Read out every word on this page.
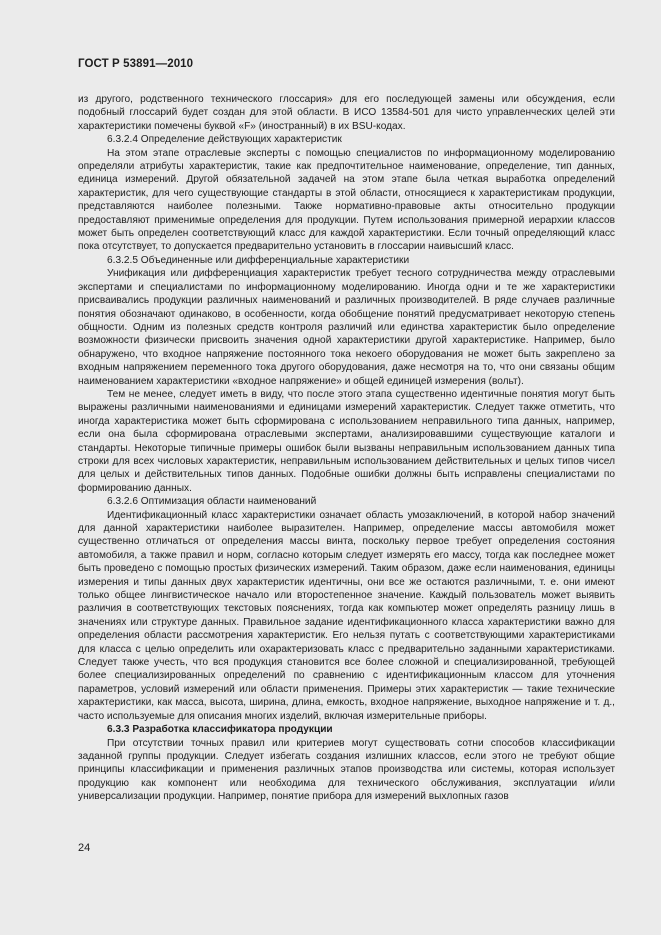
ГОСТ Р 53891—2010

из другого, родственного технического глоссария» для его последующей замены или обсуждения, если подобный глоссарий будет создан для этой области. В ИСО 13584-501 для чисто управленческих целей эти характеристики помечены буквой «F» (иностранный) в их BSU-кодах.

6.3.2.4 Определение действующих характеристик

На этом этапе отраслевые эксперты с помощью специалистов по информационному моделированию определяли атрибуты характеристик, такие как предпочтительное наименование, определение, тип данных, единица измерений. Другой обязательной задачей на этом этапе была четкая выработка определений характеристик, для чего существующие стандарты в этой области, относящиеся к характеристикам продукции, представляются наиболее полезными. Также нормативно-правовые акты относительно продукции предоставляют применимые определения для продукции. Путем использования примерной иерархии классов может быть определен соответствующий класс для каждой характеристики. Если точный определяющий класс пока отсутствует, то допускается предварительно установить в глоссарии наивысший класс.

6.3.2.5 Объединенные или дифференциальные характеристики

Унификация или дифференциация характеристик требует тесного сотрудничества между отраслевыми экспертами и специалистами по информационному моделированию. Иногда одни и те же характеристики присваивались продукции различных наименований и различных производителей. В ряде случаев различные понятия обозначают одинаково, в особенности, когда обобщение понятий предусматривает некоторую степень общности. Одним из полезных средств контроля различий или единства характеристик было определение возможности физически присвоить значения одной характеристики другой характеристике. Например, было обнаружено, что входное напряжение постоянного тока некоего оборудования не может быть закреплено за входным напряжением переменного тока другого оборудования, даже несмотря на то, что они связаны общим наименованием характеристики «входное напряжение» и общей единицей измерения (вольт).

Тем не менее, следует иметь в виду, что после этого этапа существенно идентичные понятия могут быть выражены различными наименованиями и единицами измерений характеристик. Следует также отметить, что иногда характеристика может быть сформирована с использованием неправильного типа данных, например, если она была сформирована отраслевыми экспертами, анализировавшими существующие каталоги и стандарты. Некоторые типичные примеры ошибок были вызваны неправильным использованием данных типа строки для всех числовых характеристик, неправильным использованием действительных и целых типов чисел для целых и действительных типов данных. Подобные ошибки должны быть исправлены специалистами по формированию данных.

6.3.2.6 Оптимизация области наименований

Идентификационный класс характеристики означает область умозаключений, в которой набор значений для данной характеристики наиболее выразителен. Например, определение массы автомобиля может существенно отличаться от определения массы винта, поскольку первое требует определения состояния автомобиля, а также правил и норм, согласно которым следует измерять его массу, тогда как последнее может быть проведено с помощью простых физических измерений. Таким образом, даже если наименования, единицы измерения и типы данных двух характеристик идентичны, они все же остаются различными, т. е. они имеют только общее лингвистическое начало или второстепенное значение. Каждый пользователь может выявить различия в соответствующих текстовых пояснениях, тогда как компьютер может определять разницу лишь в значениях или структуре данных. Правильное задание идентификационного класса характеристики важно для определения области рассмотрения характеристик. Его нельзя путать с соответствующими характеристиками для класса с целью определить или охарактеризовать класс с предварительно заданными характеристиками. Следует также учесть, что вся продукция становится все более сложной и специализированной, требующей более специализированных определений по сравнению с идентификационным классом для уточнения параметров, условий измерений или области применения. Примеры этих характеристик — такие технические характеристики, как масса, высота, ширина, длина, емкость, входное напряжение, выходное напряжение и т. д., часто используемые для описания многих изделий, включая измерительные приборы.

6.3.3 Разработка классификатора продукции

При отсутствии точных правил или критериев могут существовать сотни способов классификации заданной группы продукции. Следует избегать создания излишних классов, если этого не требуют общие принципы классификации и применения различных этапов производства или системы, которая использует продукцию как компонент или необходима для технического обслуживания, эксплуатации и/или универсализации продукции. Например, понятие прибора для измерений выхлопных газов

24
